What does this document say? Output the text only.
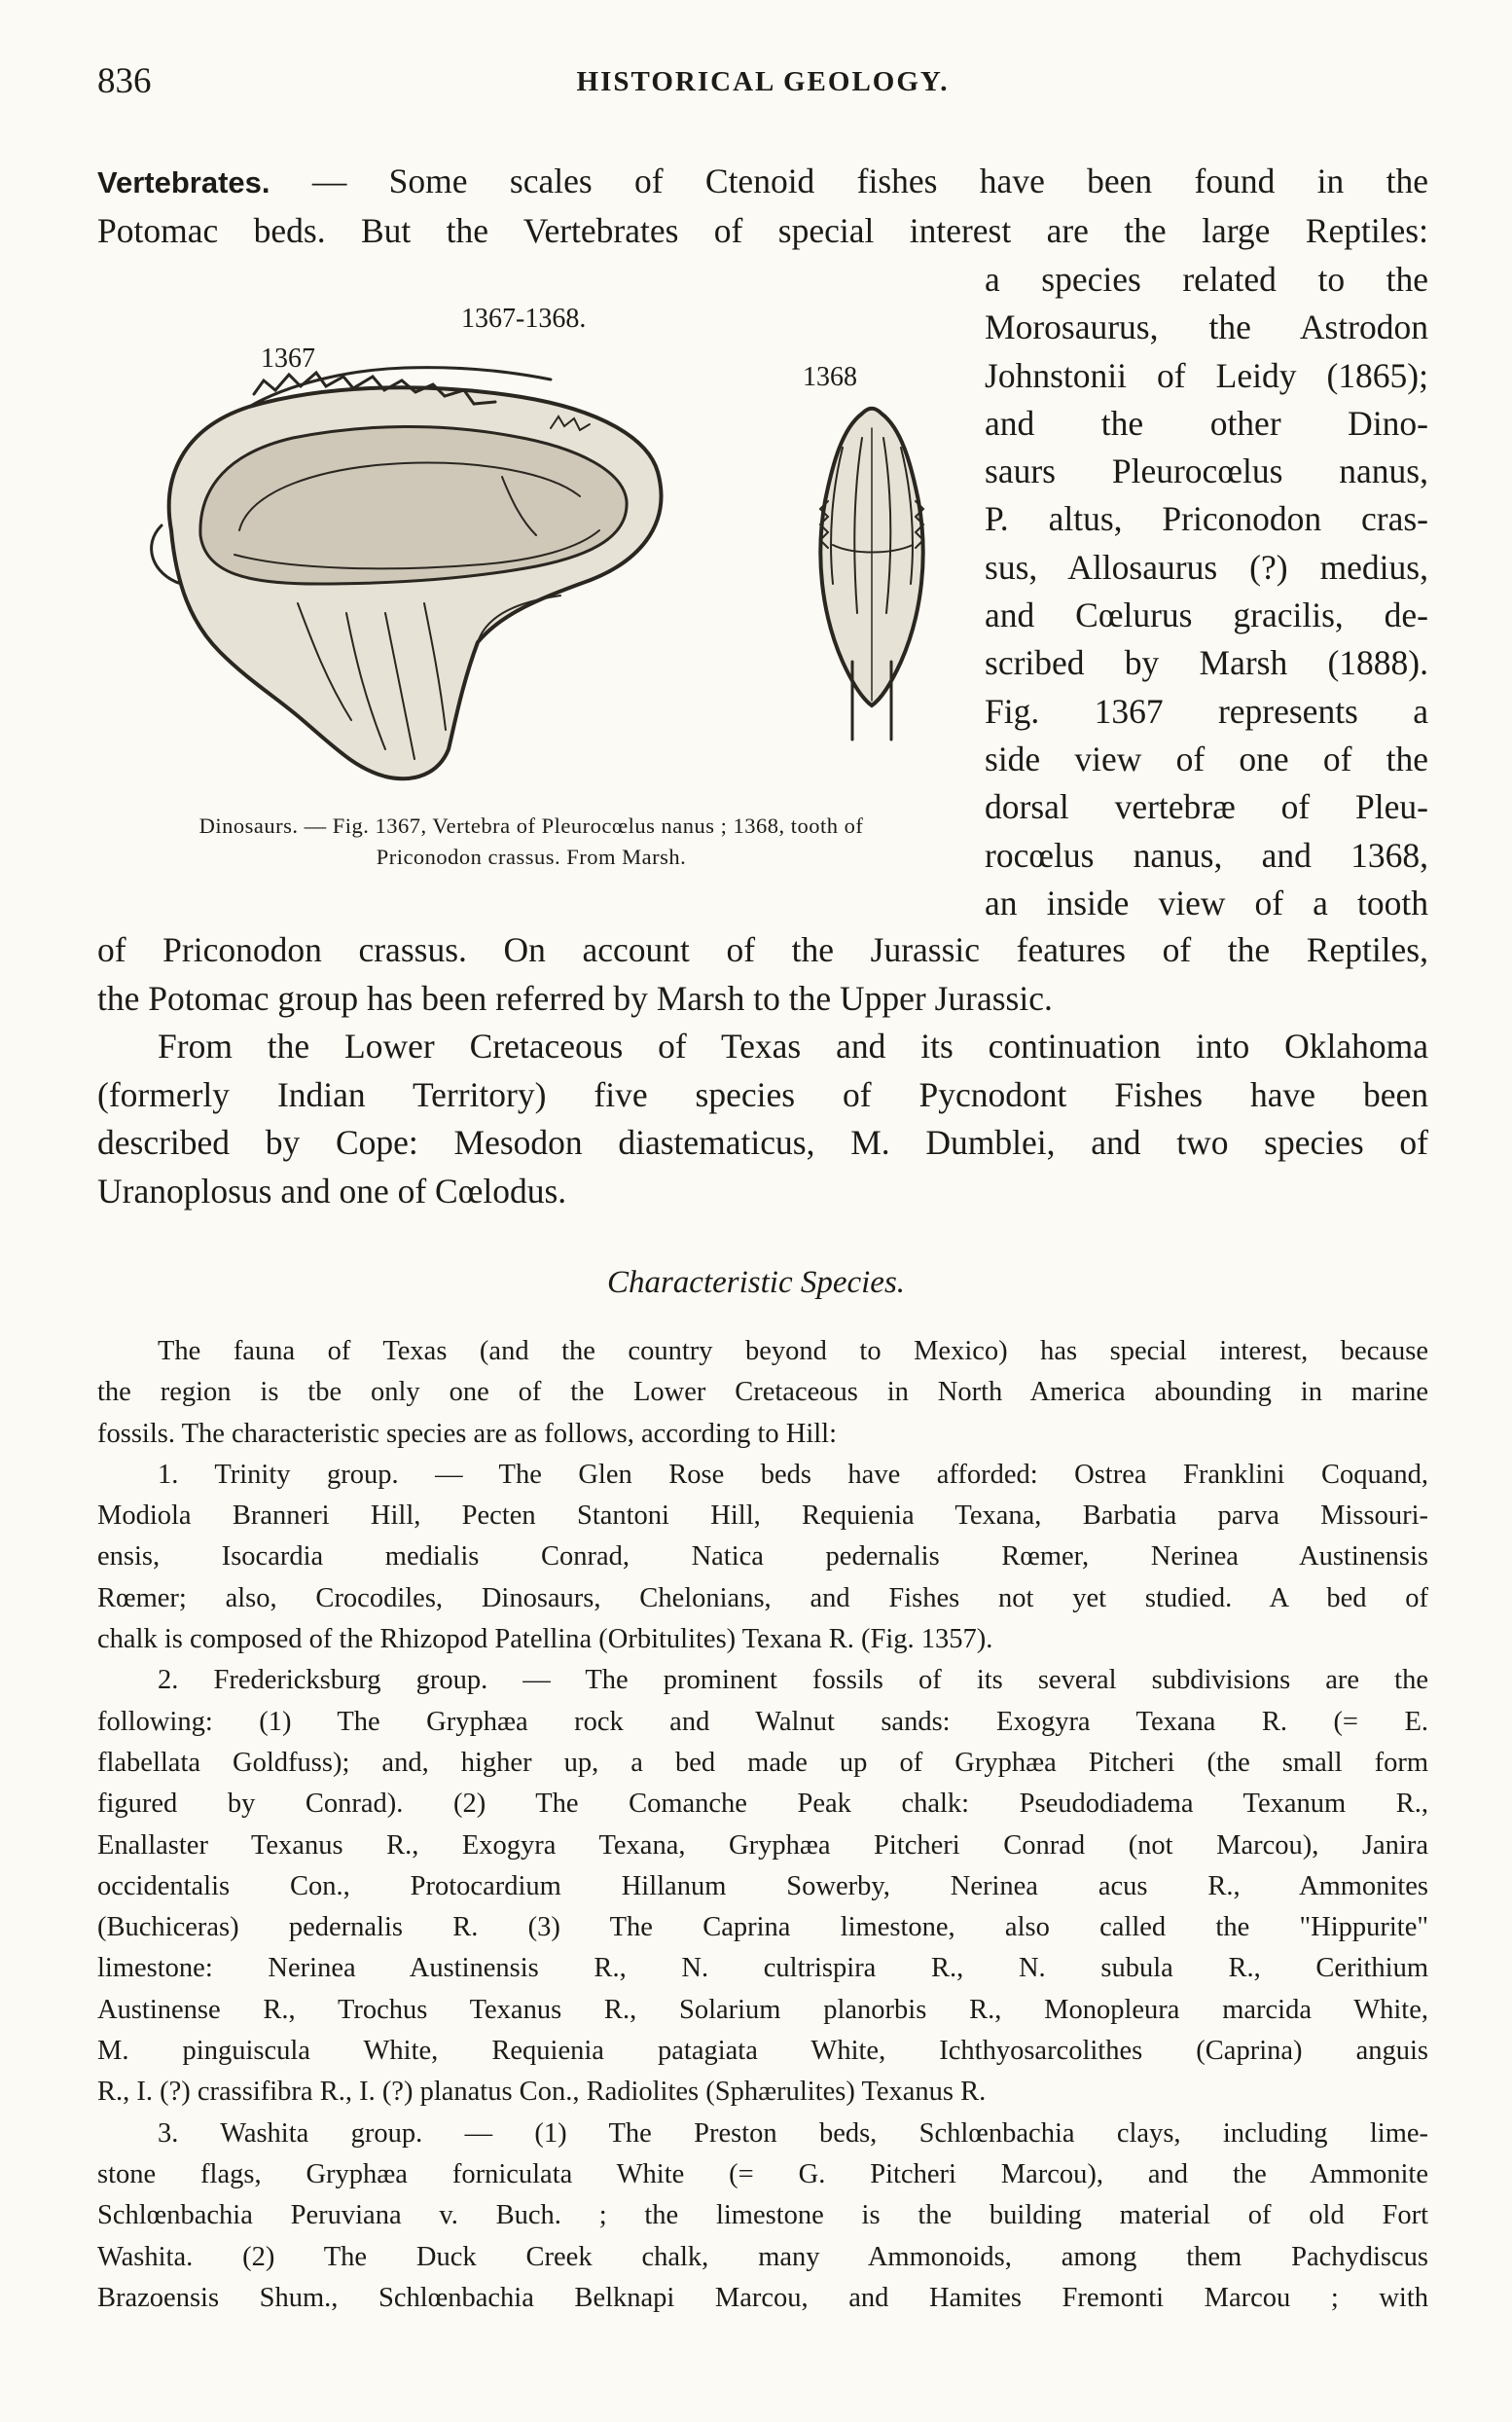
836	HISTORICAL GEOLOGY.
Vertebrates. — Some scales of Ctenoid fishes have been found in the
Potomac beds. But the Vertebrates of special interest are the large Reptiles:
1367-1368.
1367
1368
Dinosaurs. — Fig. 1367, Vertebra of Pleurocœlus nanus ; 1368, tooth of
Priconodon crassus. From Marsh.
a species related to the
Morosaurus, the Astrodon
Johnstonii of Leidy (1865);
and the other Dino-
saurs Pleurocœlus nanus,
P. altus, Priconodon cras-
sus, Allosaurus (?) medius,
and Cœlurus gracilis, de-
scribed by Marsh (1888).
Fig. 1367 represents a
side view of one of the
dorsal vertebræ of Pleu-
rocœlus nanus, and 1368,
an inside view of a tooth
of Priconodon crassus. On account of the Jurassic features of the Reptiles,
the Potomac group has been referred by Marsh to the Upper Jurassic.
From the Lower Cretaceous of Texas and its continuation into Oklahoma
(formerly Indian Territory) five species of Pycnodont Fishes have been
described by Cope: Mesodon diastematicus, M. Dumblei, and two species of
Uranoplosus and one of Cœlodus.
Characteristic Species.
The fauna of Texas (and the country beyond to Mexico) has special interest, because
the region is tbe only one of the Lower Cretaceous in North America abounding in marine
fossils. The characteristic species are as follows, according to Hill:
1. Trinity group. — The Glen Rose beds have afforded: Ostrea Franklini Coquand,
Modiola Branneri Hill, Pecten Stantoni Hill, Requienia Texana, Barbatia parva Missouri-
ensis, Isocardia medialis Conrad, Natica pedernalis Rœmer, Nerinea Austinensis
Rœmer; also, Crocodiles, Dinosaurs, Chelonians, and Fishes not yet studied. A bed of
chalk is composed of the Rhizopod Patellina (Orbitulites) Texana R. (Fig. 1357).
2. Fredericksburg group. — The prominent fossils of its several subdivisions are the
following: (1) The Gryphæa rock and Walnut sands: Exogyra Texana R. (= E.
flabellata Goldfuss); and, higher up, a bed made up of Gryphæa Pitcheri (the small form
figured by Conrad). (2) The Comanche Peak chalk: Pseudodiadema Texanum R.,
Enallaster Texanus R., Exogyra Texana, Gryphæa Pitcheri Conrad (not Marcou), Janira
occidentalis Con., Protocardium Hillanum Sowerby, Nerinea acus R., Ammonites
(Buchiceras) pedernalis R. (3) The Caprina limestone, also called the "Hippurite"
limestone: Nerinea Austinensis R., N. cultrispira R., N. subula R., Cerithium
Austinense R., Trochus Texanus R., Solarium planorbis R., Monopleura marcida White,
M. pinguiscula White, Requienia patagiata White, Ichthyosarcolithes (Caprina) anguis
R., I. (?) crassifibra R., I. (?) planatus Con., Radiolites (Sphærulites) Texanus R.
3. Washita group. — (1) The Preston beds, Schlœnbachia clays, including lime-
stone flags, Gryphæa forniculata White (= G. Pitcheri Marcou), and the Ammonite
Schlœnbachia Peruviana v. Buch. ; the limestone is the building material of old Fort
Washita. (2) The Duck Creek chalk, many Ammonoids, among them Pachydiscus
Brazoensis Shum., Schlœnbachia Belknapi Marcou, and Hamites Fremonti Marcou ; with
